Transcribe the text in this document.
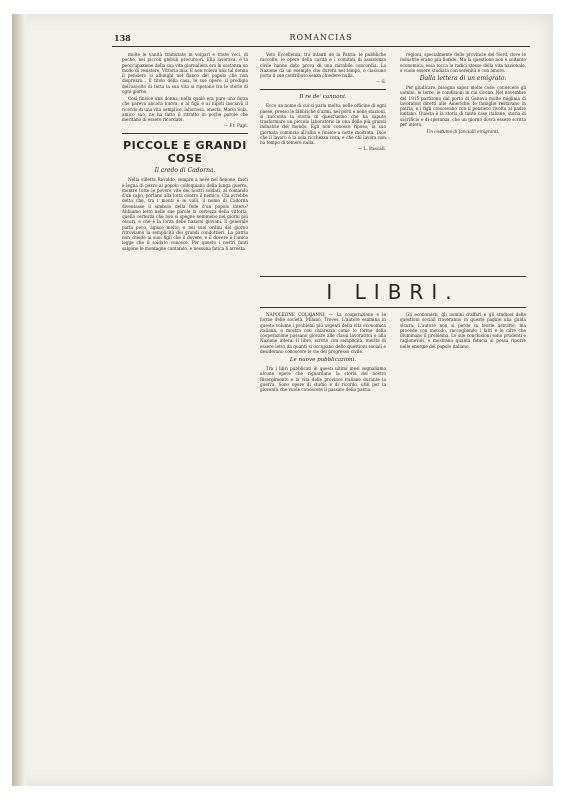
138	ROMANCIAS

molte le vanità tramutate in volgari e triste voci, di poche, nei piccoli globuli precursori. Ella lavorava, e la peoccupazione della sua vita giornaliera era in sostanza un modo di resistere, Vittoria mia. E non voleva una tal donna il pensiero si allunghi nel fianco del popolo che non disprezza... Il titolo della casa, le sue opere, il prodigio dell'ascolto di tutta la sua vita si ripetono tra le storie di ogni giorno.

Così finisce una donna, nella quale era pure una forza che pareva ancora nuova, e ai figli e ai nipoti lasciava il ricordo di una vita semplice, laboriosa, onesta. Mario Sola, amico suo, ne ha fatto il ritratto in poche parole che meritano di essere ricordate.

— Fr. Papi.
PICCOLE E GRANDI COSE
Il credo di Cadorna.

Nella villetta Ravaldo, sempre a neve nel fienone, fasci e legna di pezzo al popolo colloquiano della lunga guerra, mentre tutte le povere vite dei nostri soldati, al comando d'un capo, portano alla lotta contro il nemico. Chi avrebbe detto che, tra i monti e le valli, il nome di Cadorna diventasse il simbolo della fede d'un popolo intero? Abbiamo letto nelle sue parole la certezza della vittoria, quella certezza che non si spegne nemmeno nei giorni più oscuri, e che è la forza delle nazioni giovani. Il generale parla poco, agisce molto; e nei suoi ordini del giorno ritroviamo la semplicità dei grandi condottieri. La patria non chiede ai suoi figli che il dovere, e il dovere è l'unica legge che il soldato conosce. Per questo i nostri fanti salgono le montagne cantando, e nessuna fatica li arresta.

Voto Eccellenza, tra infanti de la Patria: le pubbliche raccolte, le opere della carità e i comitati di assistenza civile hanno dato prova di una mirabile concordia. La Nazione dà un esempio che durerà nel tempo, e ciascuno porta il suo contributo senza chiedere nulla.

— S.
Il re de' cannoni.

Ecco un nome di cui si parla molto: nelle officine di ogni paese, presso le fabbriche d'armi, nei porti e nelle stazioni, si racconta la storia di quest'uomo che ha saputo trasformare un piccolo laboratorio in una delle più grandi industrie del mondo. Egli non conosce riposo; la sua giornata comincia all'alba e finisce a notte inoltrata. Dice che il lavoro è la sola ricchezza vera, e che chi lavora non ha tempo di temere nulla.

— L. Pascali.

regioni, specialmente delle provincie del Nord, dove le industrie erano più floride. Ma la questione non è soltanto economica; essa tocca le radici stesse della vita nazionale, e vuole essere studiata con serenità e con amore.

Dalla lettera di un emigrato.

Per giudicare, bisogna saper molte cose: conoscere gli uomini, le terre, le condizioni in cui vivono. Nel novembre del 1915 partirono dal porto di Genova molte migliaia di lavoratori diretti alle Americhe; le famiglie restavano in patria, e i figli crescevano con il pensiero rivolto al padre lontano. Questa è la storia di tante case italiane, storia di sacrificio e di speranza, che un giorno dovrà essere scritta per intero.

Un costume di fanciulli emigranti.

I LIBRI.

NAPOLEONE COLAJANNI. — La cooperazione e le forme delle società. Milano, Treves. L'autore esamina in questo volume i problemi più urgenti della vita economica italiana, e mostra con chiarezza come le forme della cooperazione possano giovare alle classi lavoratrici e alla Nazione intera. Il libro, scritto con semplicità, merita di essere letto da quanti si occupano delle questioni sociali e desiderano conoscere le vie del progresso civile.

Le nuove pubblicazioni.

Tra i libri pubblicati in questi ultimi mesi segnaliamo alcune opere che riguardano la storia del nostro Risorgimento e la vita delle province italiane durante la guerra. Sono opere di studio e di ricordo, utili per la gioventù che vuole conoscere il passato della patria.

Gli economisti, gli uomini d'affari e gli studiosi delle questioni sociali troveranno in queste pagine una guida sicura. L'autore non si perde in teorie astratte, ma procede con metodo, raccogliendo i fatti e le cifre che illuminano il problema. Le sue conclusioni sono prudenti e ragionevoli, e mostrano quanta fiducia si possa riporre nelle energie del popolo italiano.
